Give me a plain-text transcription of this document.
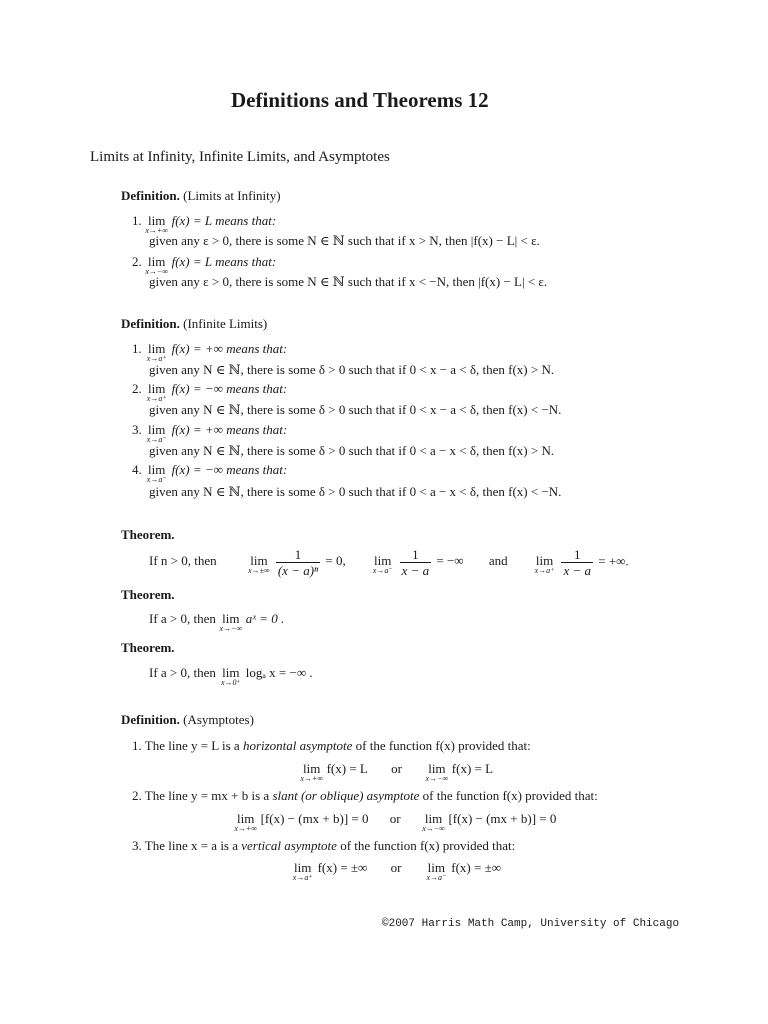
Definitions and Theorems 12
Limits at Infinity, Infinite Limits, and Asymptotes
Definition. (Limits at Infinity)
1. lim
x→+∞
f(x) = L means that:
given any ε > 0, there is some N ∈ ℕ such that if x > N, then |f(x) − L| < ε.
2. lim
x→−∞
f(x) = L means that:
given any ε > 0, there is some N ∈ ℕ such that if x < −N, then |f(x) − L| < ε.
Definition. (Infinite Limits)
1. lim
x→a⁺
f(x) = +∞ means that:
given any N ∈ ℕ, there is some δ > 0 such that if 0 < x − a < δ, then f(x) > N.
2. lim
x→a⁺
f(x) = −∞ means that:
given any N ∈ ℕ, there is some δ > 0 such that if 0 < x − a < δ, then f(x) < −N.
3. lim
x→a⁻
f(x) = +∞ means that:
given any N ∈ ℕ, there is some δ > 0 such that if 0 < a − x < δ, then f(x) > N.
4. lim
x→a⁻
f(x) = −∞ means that:
given any N ∈ ℕ, there is some δ > 0 such that if 0 < a − x < δ, then f(x) < −N.
Theorem.
If n > 0, then	lim
x→±∞
$\frac{1}{\text{(x − a)ⁿ}} = 0$, lim
x→a⁻
$\frac{1}{x - a}$ = −∞ and lim
x→a⁺
$\frac{1}{x - a}$ = +∞.
Theorem.
If a > 0, then lim
x→−∞
aˣ = 0 .
Theorem.
If a > 0, then lim
x→0⁺
logₐ x = −∞ .
Definition. (Asymptotes)
1. The line y = L is a horizontal asymptote of the function f(x) provided that:
lim
x→+∞
f(x) = L or lim
x→−∞
f(x) = L
2. The line y = mx + b is a slant (or oblique) asymptote of the function f(x) provided that:
lim
x→+∞
[f(x) − (mx + b)] = 0 or lim
x→−∞
[f(x) − (mx + b)] = 0
3. The line x = a is a vertical asymptote of the function f(x) provided that:
lim
x→a⁺
f(x) = ±∞ or lim
x→a⁻
f(x) = ±∞
©2007 Harris Math Camp, University of Chicago
